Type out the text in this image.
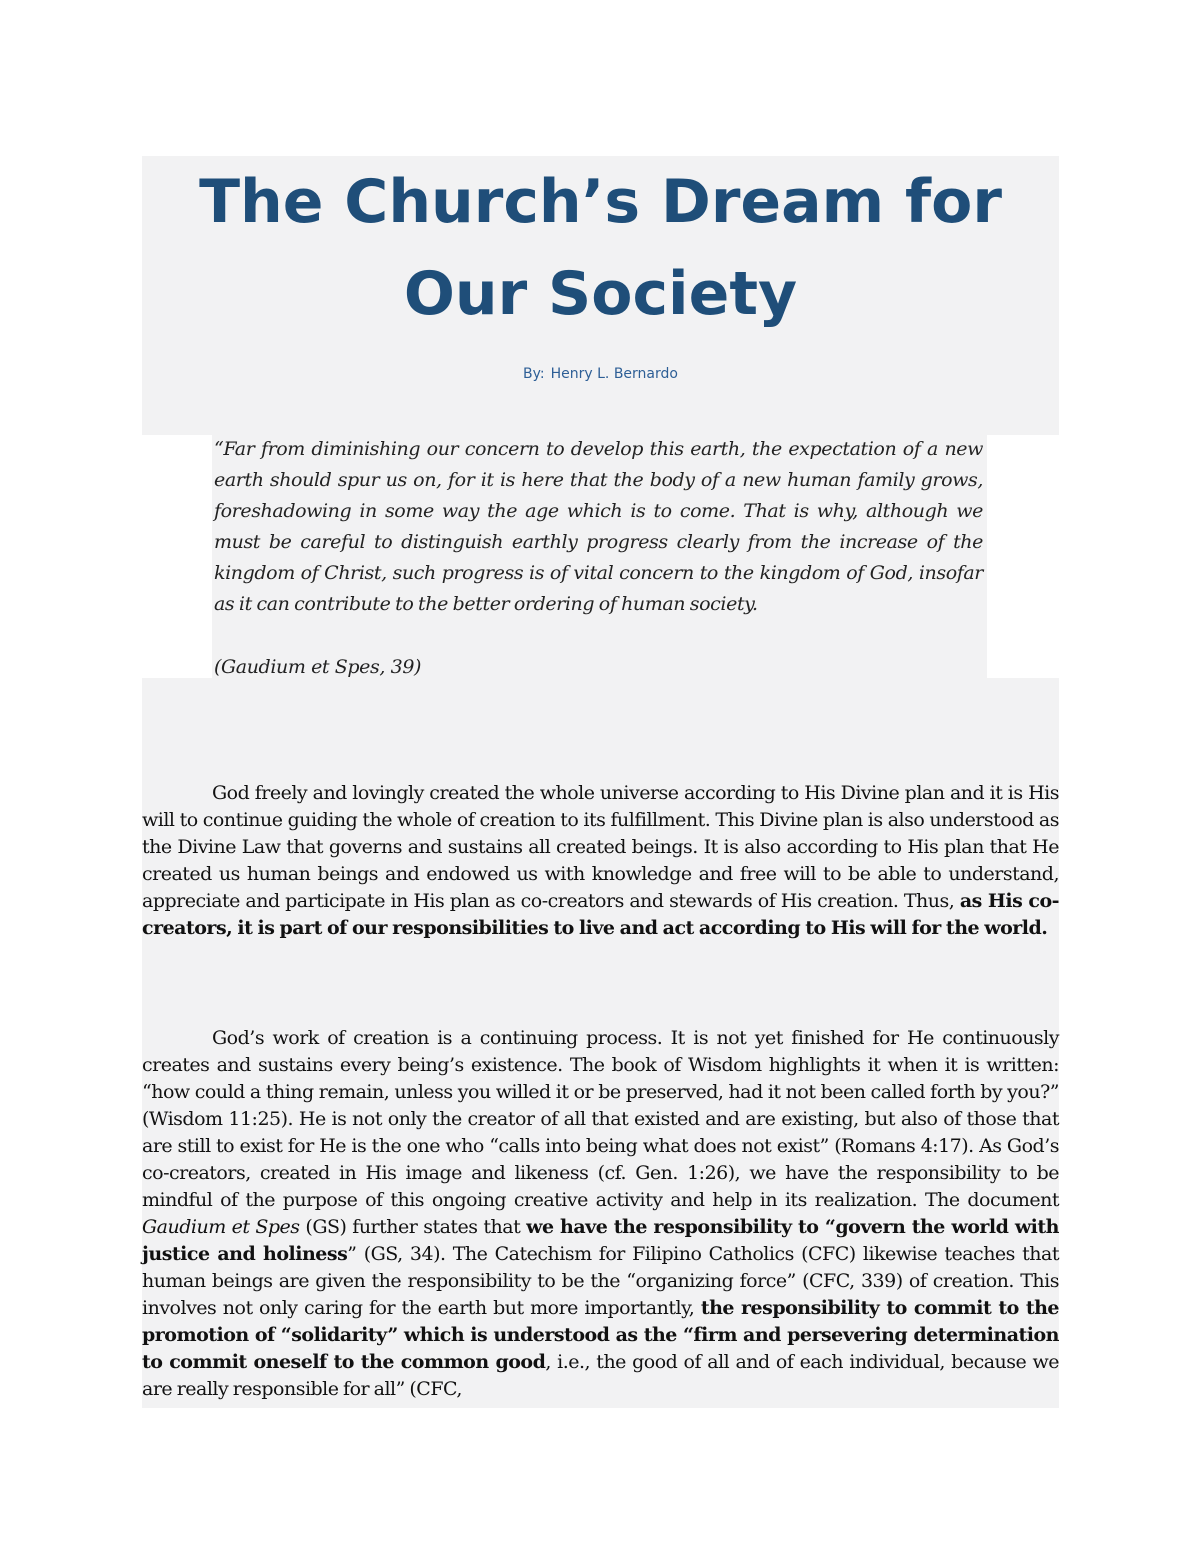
The Church’s Dream for
Our Society
By: Henry L. Bernardo

“Far from diminishing our concern to develop this earth, the expectation of a new earth should spur us on, for it is here that the body of a new human family grows, foreshadowing in some way the age which is to come. That is why, although we must be careful to distinguish earthly progress clearly from the increase of the kingdom of Christ, such progress is of vital concern to the kingdom of God, insofar as it can contribute to the better ordering of human society.

(Gaudium et Spes, 39)

God freely and lovingly created the whole universe according to His Divine plan and it is His will to continue guiding the whole of creation to its fulfillment. This Divine plan is also understood as the Divine Law that governs and sustains all created beings. It is also according to His plan that He created us human beings and endowed us with knowledge and free will to be able to understand, appreciate and participate in His plan as co-creators and stewards of His creation. Thus, as His co-creators, it is part of our responsibilities to live and act according to His will for the world.

God’s work of creation is a continuing process. It is not yet finished for He continuously creates and sustains every being’s existence. The book of Wisdom highlights it when it is written: “how could a thing remain, unless you willed it or be preserved, had it not been called forth by you?” (Wisdom 11:25). He is not only the creator of all that existed and are existing, but also of those that are still to exist for He is the one who “calls into being what does not exist” (Romans 4:17). As God’s co-creators, created in His image and likeness (cf. Gen. 1:26), we have the responsibility to be mindful of the purpose of this ongoing creative activity and help in its realization. The document Gaudium et Spes (GS) further states that we have the responsibility to “govern the world with justice and holiness” (GS, 34). The Catechism for Filipino Catholics (CFC) likewise teaches that human beings are given the responsibility to be the “organizing force” (CFC, 339) of creation. This involves not only caring for the earth but more importantly, the responsibility to commit to the promotion of “solidarity” which is understood as the “firm and persevering determination to commit oneself to the common good, i.e., the good of all and of each individual, because we are really responsible for all” (CFC,
